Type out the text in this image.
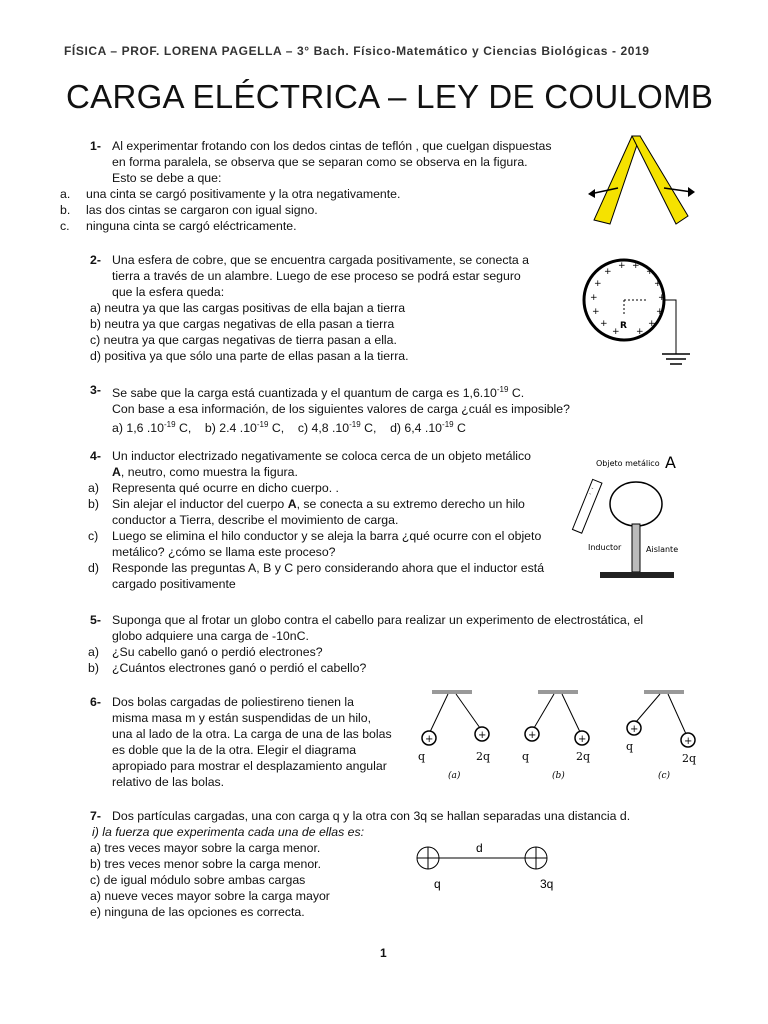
FÍSICA – PROF. LORENA PAGELLA – 3° Bach. Físico-Matemático y Ciencias Biológicas - 2019
CARGA ELÉCTRICA – LEY DE COULOMB
1- Al experimentar frotando con los dedos cintas de teflón , que cuelgan dispuestas

en forma paralela, se observa que se separan como se observa en la figura.

Esto se debe a que:

a. una cinta se cargó positivamente y la otra negativamente.
b. las dos cintas se cargaron con igual signo.
c. ninguna cinta se cargó eléctricamente.
2- Una esfera de cobre, que se encuentra cargada positivamente, se conecta a

tierra a través de un alambre. Luego de ese proceso se podrá estar seguro

que la esfera queda:

a) neutra ya que las cargas positivas de ella bajan a tierra

b) neutra ya que cargas negativas de ella pasan a tierra

c) neutra ya que cargas negativas de tierra pasan a ella.

d) positiva ya que sólo una parte de ellas pasan a la tierra.

+
+ +
+
+	+
+	+
+	+
+	+
+ +
R
3- Se sabe que la carga está cuantizada y el quantum de carga es $1,6.10^{-19}$ C.

Con base a esa información, de los siguientes valores de carga ¿cuál es imposible?

a) 1,6 $.10^{-19}$ C, b) 2.4 $.10^{-19}$ C, c) 4,8 $.10^{-19}$ C, d) 6,4 $.10^{-19}$ C

4- Un inductor electrizado negativamente se coloca cerca de un objeto metálico

A, neutro, como muestra la figura.

a) Representa qué ocurre en dicho cuerpo. .
b) Sin alejar el inductor del cuerpo A, se conecta a su extremo derecho un hilo
conductor a Tierra, describe el movimiento de carga.
c) Luego se elimina el hilo conductor y se aleja la barra ¿qué ocurre con el objeto
metálico? ¿cómo se llama este proceso?
d) Responde las preguntas A, B y C pero considerando ahora que el inductor está
cargado positivamente
Objeto metálico A
-
-
Inductor	Aislante
5- Suponga que al frotar un globo contra el cabello para realizar un experimento de electrostática, el

globo adquiere una carga de -10nC.

a) ¿Su cabello ganó o perdió electrones?
b) ¿Cuántos electrones ganó o perdió el cabello?
6- Dos bolas cargadas de poliestireno tienen la

misma masa m y están suspendidas de un hilo,

una al lado de la otra. La carga de una de las bolas

es doble que la de la otra. Elegir el diagrama

apropiado para mostrar el desplazamiento angular

relativo de las bolas.

+	+
q	2q
(a)
+	+
q	2q
(b)
+
+
q
2q
(c)
7- Dos partículas cargadas, una con carga q y la otra con 3q se hallan separadas una distancia d.

i) la fuerza que experimenta cada una de ellas es:

a) tres veces mayor sobre la carga menor.

b) tres veces menor sobre la carga menor.

c) de igual módulo sobre ambas cargas

a) nueve veces mayor sobre la carga mayor

e) ninguna de las opciones es correcta.

d
q	3q
1
